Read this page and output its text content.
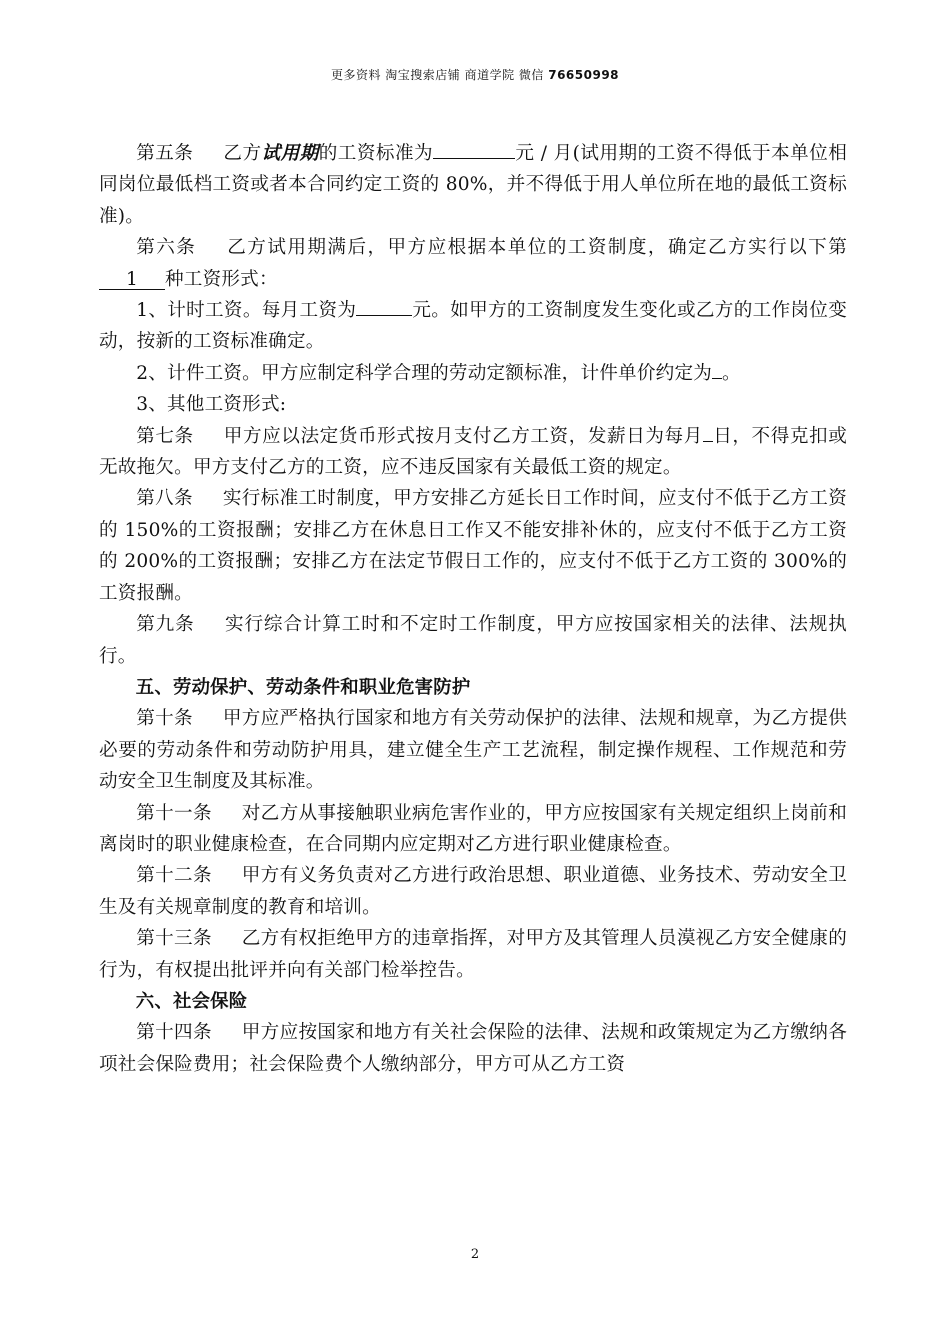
更多资料 淘宝搜索店铺 商道学院 微信 76650998

第五条 乙方试用期的工资标准为	元 / 月(试用期的工资不得低于本单位相同岗位最低档工资或者本合同约定工资的 80%，并不得低于用人单位所在地的最低工资标准)。

第六条 乙方试用期满后，甲方应根据本单位的工资制度，确定乙方实行以下第1 种工资形式：

1、计时工资。每月工资为	元。如甲方的工资制度发生变化或乙方的工作岗位变动，按新的工资标准确定。

2、计件工资。甲方应制定科学合理的劳动定额标准，计件单价约定为 。

3、其他工资形式:

第七条 甲方应以法定货币形式按月支付乙方工资，发薪日为每月 日，不得克扣或无故拖欠。甲方支付乙方的工资，应不违反国家有关最低工资的规定。

第八条 实行标准工时制度，甲方安排乙方延长日工作时间，应支付不低于乙方工资的 150%的工资报酬；安排乙方在休息日工作又不能安排补休的，应支付不低于乙方工资的 200%的工资报酬；安排乙方在法定节假日工作的，应支付不低于乙方工资的 300%的工资报酬。

第九条 实行综合计算工时和不定时工作制度，甲方应按国家相关的法律、法规执行。

五、劳动保护、劳动条件和职业危害防护

第十条 甲方应严格执行国家和地方有关劳动保护的法律、法规和规章，为乙方提供必要的劳动条件和劳动防护用具，建立健全生产工艺流程，制定操作规程、工作规范和劳动安全卫生制度及其标准。

第十一条 对乙方从事接触职业病危害作业的，甲方应按国家有关规定组织上岗前和离岗时的职业健康检查，在合同期内应定期对乙方进行职业健康检查。

第十二条 甲方有义务负责对乙方进行政治思想、职业道德、业务技术、劳动安全卫生及有关规章制度的教育和培训。

第十三条 乙方有权拒绝甲方的违章指挥，对甲方及其管理人员漠视乙方安全健康的行为，有权提出批评并向有关部门检举控告。

六、社会保险

第十四条 甲方应按国家和地方有关社会保险的法律、法规和政策规定为乙方缴纳各项社会保险费用；社会保险费个人缴纳部分，甲方可从乙方工资

2
